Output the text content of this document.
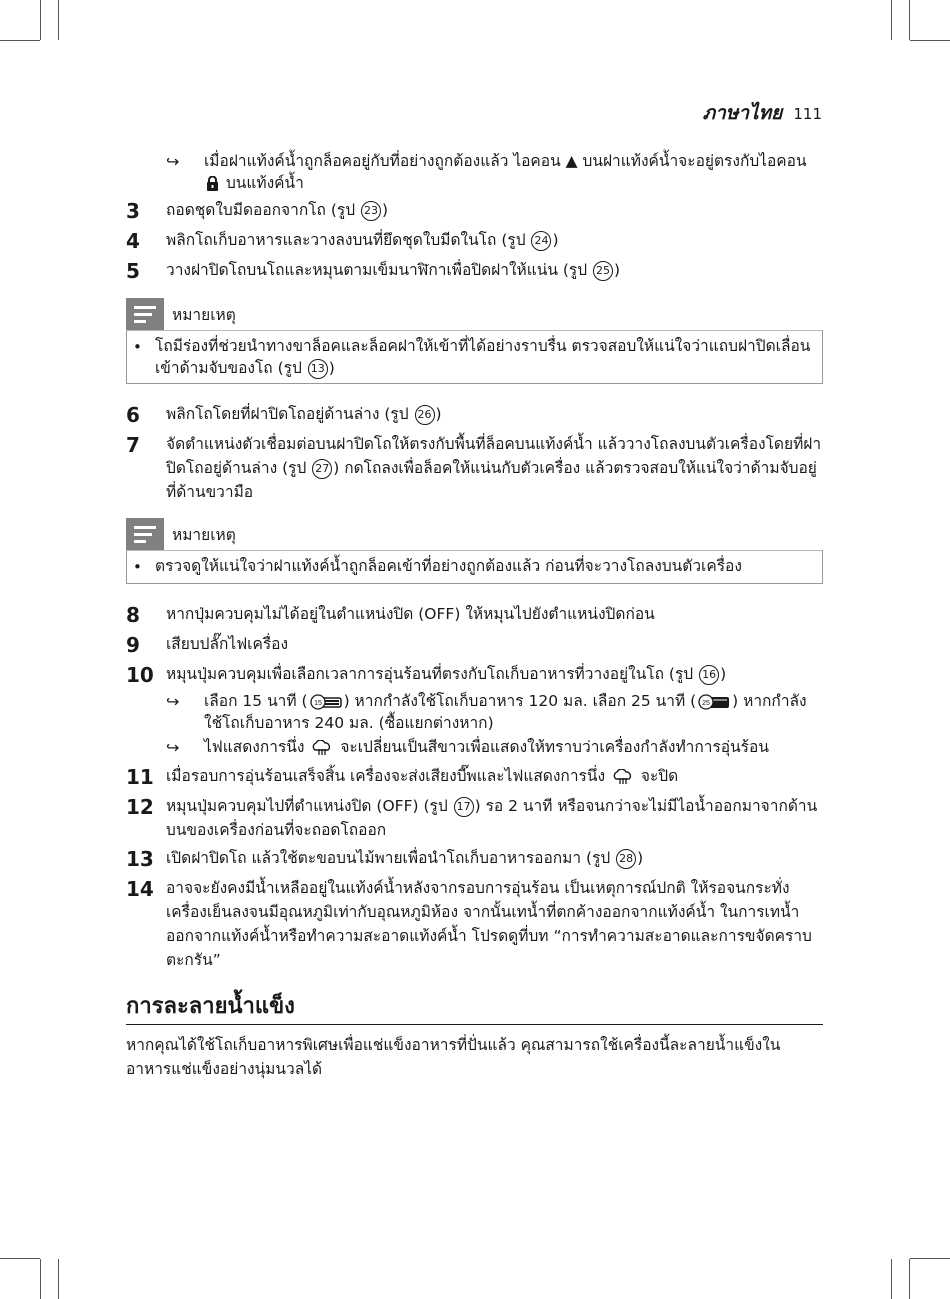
ภาษาไทย 111
↪	เมื่อฝาแท้งค์น้ำถูกล็อคอยู่กับที่อย่างถูกต้องแล้ว ไอคอน ▲ บนฝาแท้งค์น้ำจะอยู่ตรงกับไอคอน  บนแท้งค์น้ำ
3	ถอดชุดใบมีดออกจากโถ (รูป 23 )
4	พลิกโถเก็บอาหารและวางลงบนที่ยึดชุดใบมีดในโถ (รูป 24 )
5	วางฝาปิดโถบนโถและหมุนตามเข็มนาฬิกาเพื่อปิดฝาให้แน่น (รูป 25 )
หมายเหตุ
• โถมีร่องที่ช่วยนำทางขาล็อคและล็อคฝาให้เข้าที่ได้อย่างราบรื่น ตรวจสอบให้แน่ใจว่าแถบฝาปิดเลื่อนเข้าด้ามจับของโถ (รูป 13 )
6	พลิกโถโดยที่ฝาปิดโถอยู่ด้านล่าง (รูป 26 )
7	จัดตำแหน่งตัวเชื่อมต่อบนฝาปิดโถให้ตรงกับพื้นที่ล็อคบนแท้งค์น้ำ แล้ววางโถลงบนตัวเครื่องโดยที่ฝาปิดโถอยู่ด้านล่าง (รูป 27 ) กดโถลงเพื่อล็อคให้แน่นกับตัวเครื่อง แล้วตรวจสอบให้แน่ใจว่าด้ามจับอยู่ที่ด้านขวามือ
หมายเหตุ
• ตรวจดูให้แน่ใจว่าฝาแท้งค์น้ำถูกล็อคเข้าที่อย่างถูกต้องแล้ว ก่อนที่จะวางโถลงบนตัวเครื่อง
8	หากปุ่มควบคุมไม่ได้อยู่ในตำแหน่งปิด (OFF) ให้หมุนไปยังตำแหน่งปิดก่อน
9	เสียบปลั๊กไฟเครื่อง
10 หมุนปุ่มควบคุมเพื่อเลือกเวลาการอุ่นร้อนที่ตรงกับโถเก็บอาหารที่วางอยู่ในโถ (รูป 16 )
↪	เลือก 15 นาที ( 15 ) หากกำลังใช้โถเก็บอาหาร 120 มล. เลือก 25 นาที ( 25 ) หากกำลังใช้โถเก็บอาหาร 240 มล. (ซื้อแยกต่างหาก)
↪	ไฟแสดงการนึ่ง จะเปลี่ยนเป็นสีขาวเพื่อแสดงให้ทราบว่าเครื่องกำลังทำการอุ่นร้อน
11 เมื่อรอบการอุ่นร้อนเสร็จสิ้น เครื่องจะส่งเสียงบี๊พและไฟแสดงการนึ่ง จะปิด
12 หมุนปุ่มควบคุมไปที่ตำแหน่งปิด (OFF) (รูป 17 ) รอ 2 นาที หรือจนกว่าจะไม่มีไอน้ำออกมาจากด้านบนของเครื่องก่อนที่จะถอดโถออก
13 เปิดฝาปิดโถ แล้วใช้ตะขอบนไม้พายเพื่อนำโถเก็บอาหารออกมา (รูป 28 )
14 อาจจะยังคงมีน้ำเหลืออยู่ในแท้งค์น้ำหลังจากรอบการอุ่นร้อน เป็นเหตุการณ์ปกติ ให้รอจนกระทั่งเครื่องเย็นลงจนมีอุณหภูมิเท่ากับอุณหภูมิห้อง จากนั้นเทน้ำที่ตกค้างออกจากแท้งค์น้ำ ในการเทน้ำออกจากแท้งค์น้ำหรือทำความสะอาดแท้งค์น้ำ โปรดดูที่บท “การทำความสะอาดและการขจัดคราบตะกรัน”
การละลายน้ำแข็ง
หากคุณได้ใช้โถเก็บอาหารพิเศษเพื่อแช่แข็งอาหารที่ปั่นแล้ว คุณสามารถใช้เครื่องนี้ละลายน้ำแข็งในอาหารแช่แข็งอย่างนุ่มนวลได้
